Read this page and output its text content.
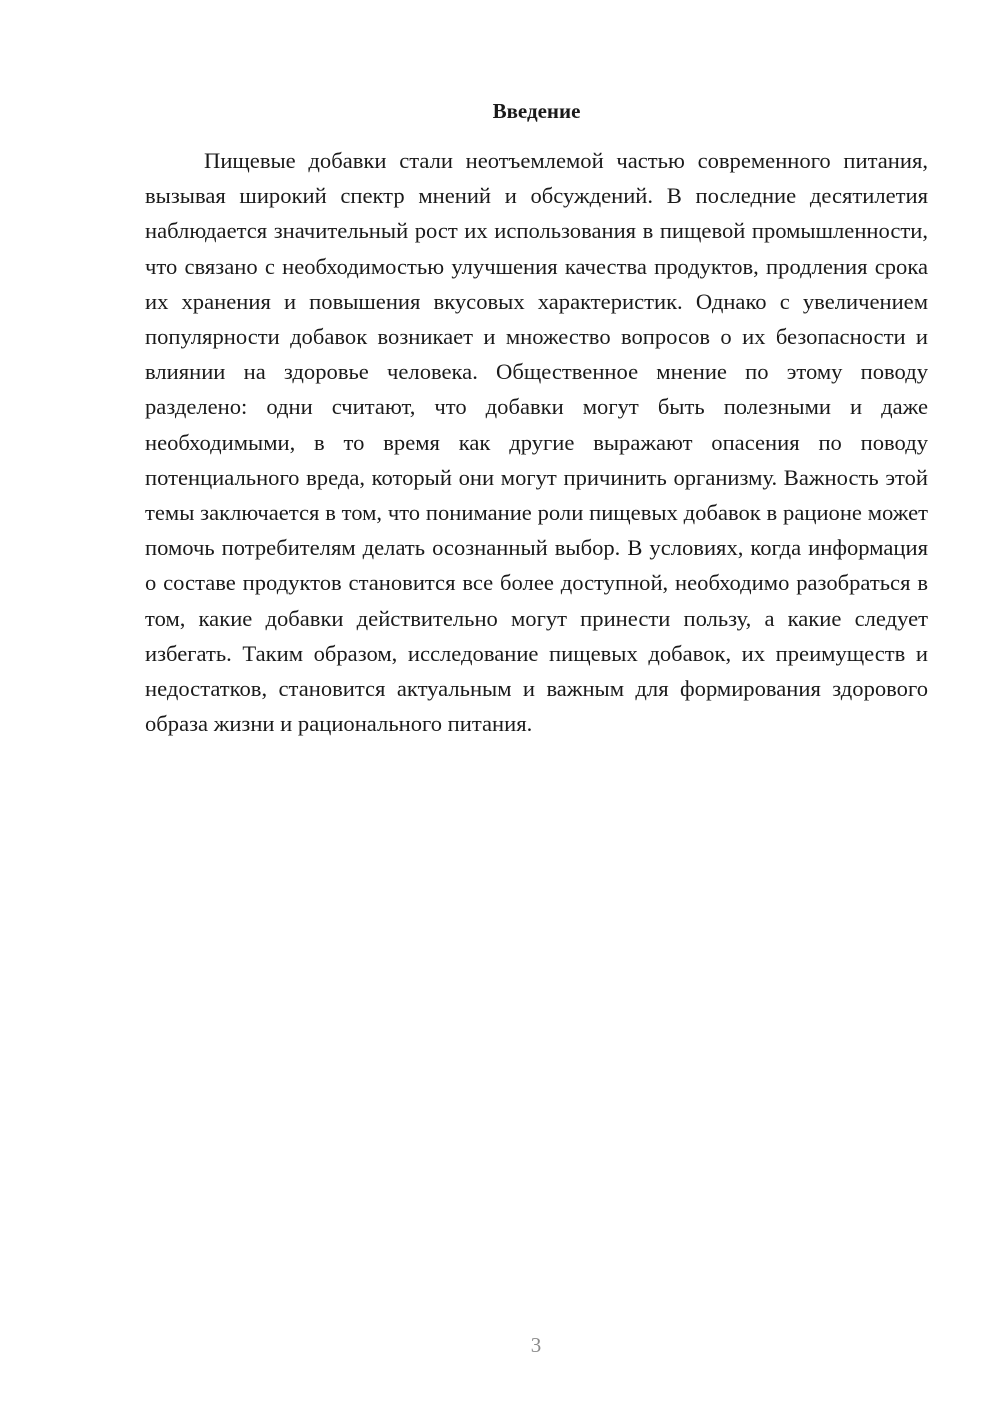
Введение

Пищевые добавки стали неотъемлемой частью современного питания, вызывая широкий спектр мнений и обсуждений. В последние десятилетия наблюдается значительный рост их использования в пищевой промышленности, что связано с необходимостью улучшения качества продуктов, продления срока их хранения и повышения вкусовых характеристик. Однако с увеличением популярности добавок возникает и множество вопросов о их безопасности и влиянии на здоровье человека. Общественное мнение по этому поводу разделено: одни считают, что добавки могут быть полезными и даже необходимыми, в то время как другие выражают опасения по поводу потенциального вреда, который они могут причинить организму. Важность этой темы заключается в том, что понимание роли пищевых добавок в рационе может помочь потребителям делать осознанный выбор. В условиях, когда информация о составе продуктов становится все более доступной, необходимо разобраться в том, какие добавки действительно могут принести пользу, а какие следует избегать. Таким образом, исследование пищевых добавок, их преимуществ и недостатков, становится актуальным и важным для формирования здорового образа жизни и рационального питания.

3
